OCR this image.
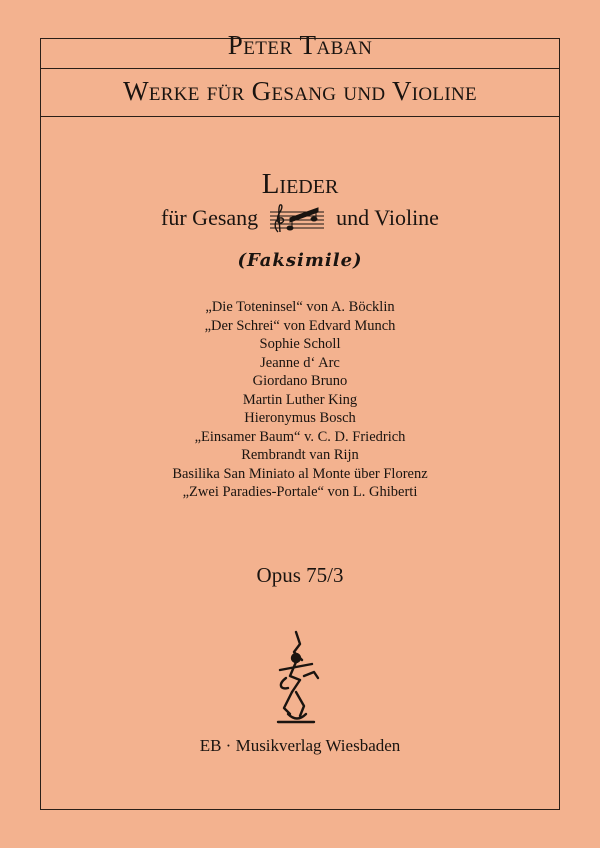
Peter Taban
Werke für Gesang und Violine
Lieder
für Gesang	und Violine
(Faksimile)
„Die Toteninsel“ von A. Böcklin
„Der Schrei“ von Edvard Munch
Sophie Scholl
Jeanne d‘ Arc
Giordano Bruno
Martin Luther King
Hieronymus Bosch
„Einsamer Baum“ v. C. D. Friedrich
Rembrandt van Rijn
Basilika San Miniato al Monte über Florenz
„Zwei Paradies-Portale“ von L. Ghiberti
Opus 75/3
EB · Musikverlag Wiesbaden
